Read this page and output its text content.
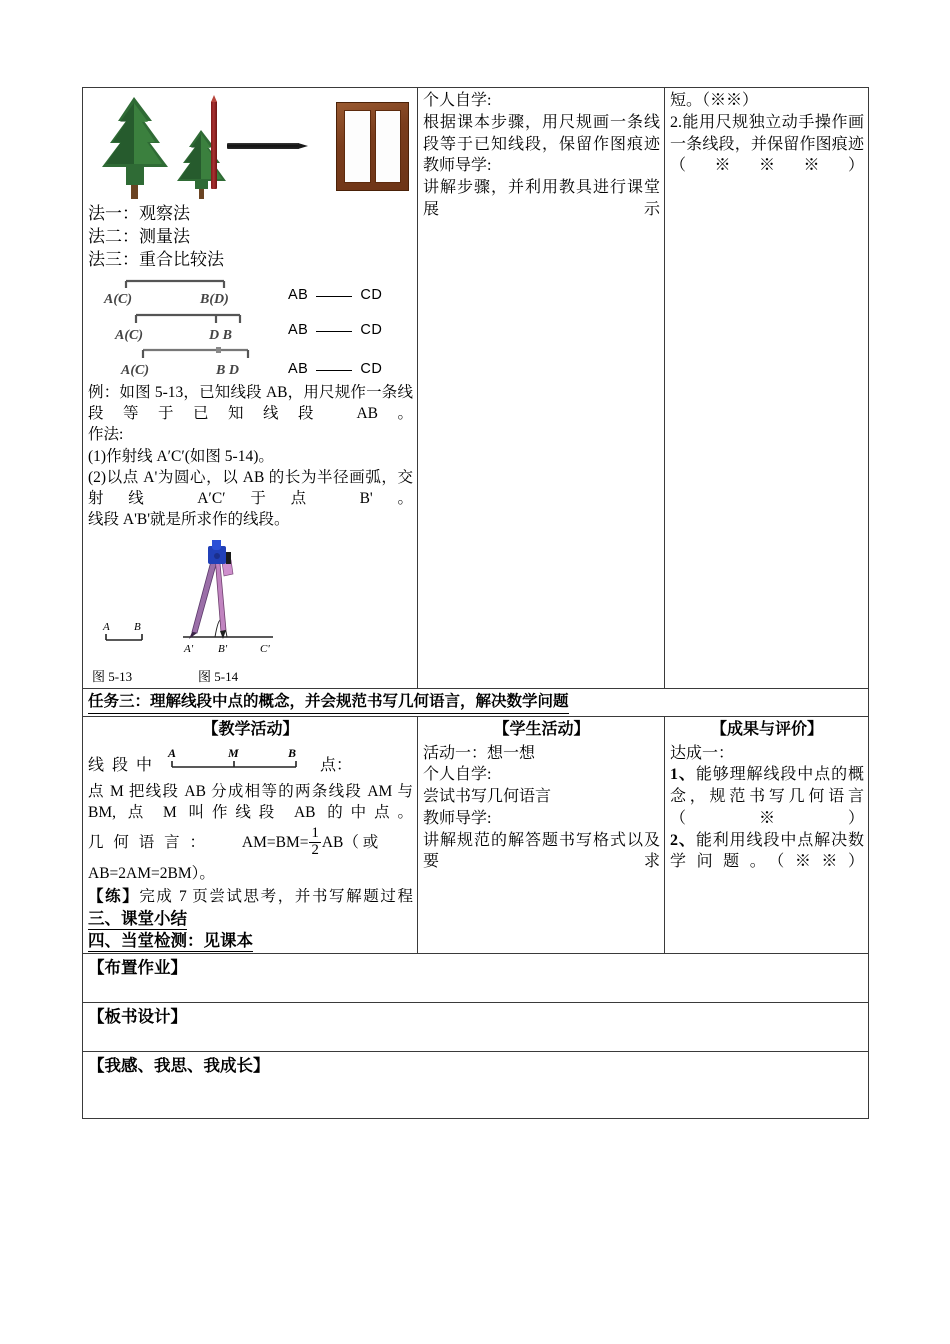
法一：观察法
法二：测量法
法三：重合比较法
A(C)	B(D)	AB	CD
A(C)	D B	AB	CD
A(C)	B D	AB	CD
例：如图 5-13，已知线段 AB，用尺规作一条线段等于已知线段 AB。
作法:
(1)作射线 A′C′(如图 5-14)。
(2)以点 A'为圆心，以 AB 的长为半径画弧，交射线 A′C′于点 B'。
线段 A'B'就是所求作的线段。
A B
A' B'	C'
图 5-13	图 5-14

个人自学:
根据课本步骤，用尺规画一条线段等于已知线段，保留作图痕迹
教师导学:
讲解步骤，并利用教具进行课堂展示

短。（※※）
2.能用尺规独立动手操作画一条线段，并保留作图痕迹（※※※）

任务三：理解线段中点的概念，并会规范书写几何语言，解决数学问题		

【教学活动】
线 段 中
A	M	B
点：
点 M 把线段 AB 分成相等的两条线段 AM 与 BM, 点 M 叫作线段 AB 的中点。
几 何 语 言 ： $AM=BM= \frac{1}{2} AB$（ 或
AB=2AM=2BM）。
【练】完成 7 页尝试思考，并书写解题过程
三、课堂小结
四、当堂检测：见课本

【学生活动】
活动一：想一想
个人自学:
尝试书写几何语言
教师导学:
讲解规范的解答题书写格式以及要求

【成果与评价】
达成一：
1、能够理解线段中点的概念，规范书写几何语言（※）
2、能利用线段中点解决数学问题。（※※）

【布置作业】		
【板书设计】		
【我感、我思、我成长】		
